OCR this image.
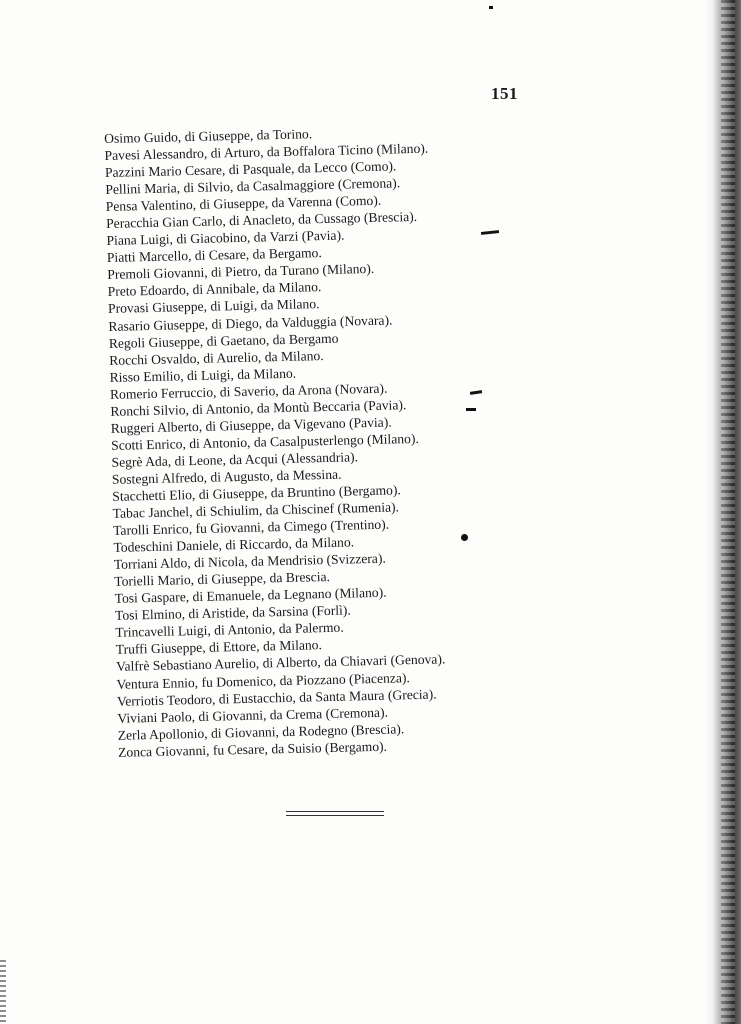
151
Osimo Guido, di Giuseppe, da Torino.
Pavesi Alessandro, di Arturo, da Boffalora Ticino (Milano).
Pazzini Mario Cesare, di Pasquale, da Lecco (Como).
Pellini Maria, di Silvio, da Casalmaggiore (Cremona).
Pensa Valentino, di Giuseppe, da Varenna (Como).
Peracchia Gian Carlo, di Anacleto, da Cussago (Brescia).
Piana Luigi, di Giacobino, da Varzi (Pavia).
Piatti Marcello, di Cesare, da Bergamo.
Premoli Giovanni, di Pietro, da Turano (Milano).
Preto Edoardo, di Annibale, da Milano.
Provasi Giuseppe, di Luigi, da Milano.
Rasario Giuseppe, di Diego, da Valduggia (Novara).
Regoli Giuseppe, di Gaetano, da Bergamo
Rocchi Osvaldo, di Aurelio, da Milano.
Risso Emilio, di Luigi, da Milano.
Romerio Ferruccio, di Saverio, da Arona (Novara).
Ronchi Silvio, di Antonio, da Montù Beccaria (Pavia).
Ruggeri Alberto, di Giuseppe, da Vigevano (Pavia).
Scotti Enrico, di Antonio, da Casalpusterlengo (Milano).
Segrè Ada, di Leone, da Acqui (Alessandria).
Sostegni Alfredo, di Augusto, da Messina.
Stacchetti Elio, di Giuseppe, da Bruntino (Bergamo).
Tabac Janchel, di Schiulim, da Chiscinef (Rumenia).
Tarolli Enrico, fu Giovanni, da Cimego (Trentino).
Todeschini Daniele, di Riccardo, da Milano.
Torriani Aldo, di Nicola, da Mendrisio (Svizzera).
Torielli Mario, di Giuseppe, da Brescia.
Tosi Gaspare, di Emanuele, da Legnano (Milano).
Tosi Elmino, di Aristide, da Sarsina (Forlì).
Trincavelli Luigi, di Antonio, da Palermo.
Truffi Giuseppe, di Ettore, da Milano.
Valfrè Sebastiano Aurelio, di Alberto, da Chiavari (Genova).
Ventura Ennio, fu Domenico, da Piozzano (Piacenza).
Verriotis Teodoro, di Eustacchio, da Santa Maura (Grecia).
Viviani Paolo, di Giovanni, da Crema (Cremona).
Zerla Apollonio, di Giovanni, da Rodegno (Brescia).
Zonca Giovanni, fu Cesare, da Suisio (Bergamo).
